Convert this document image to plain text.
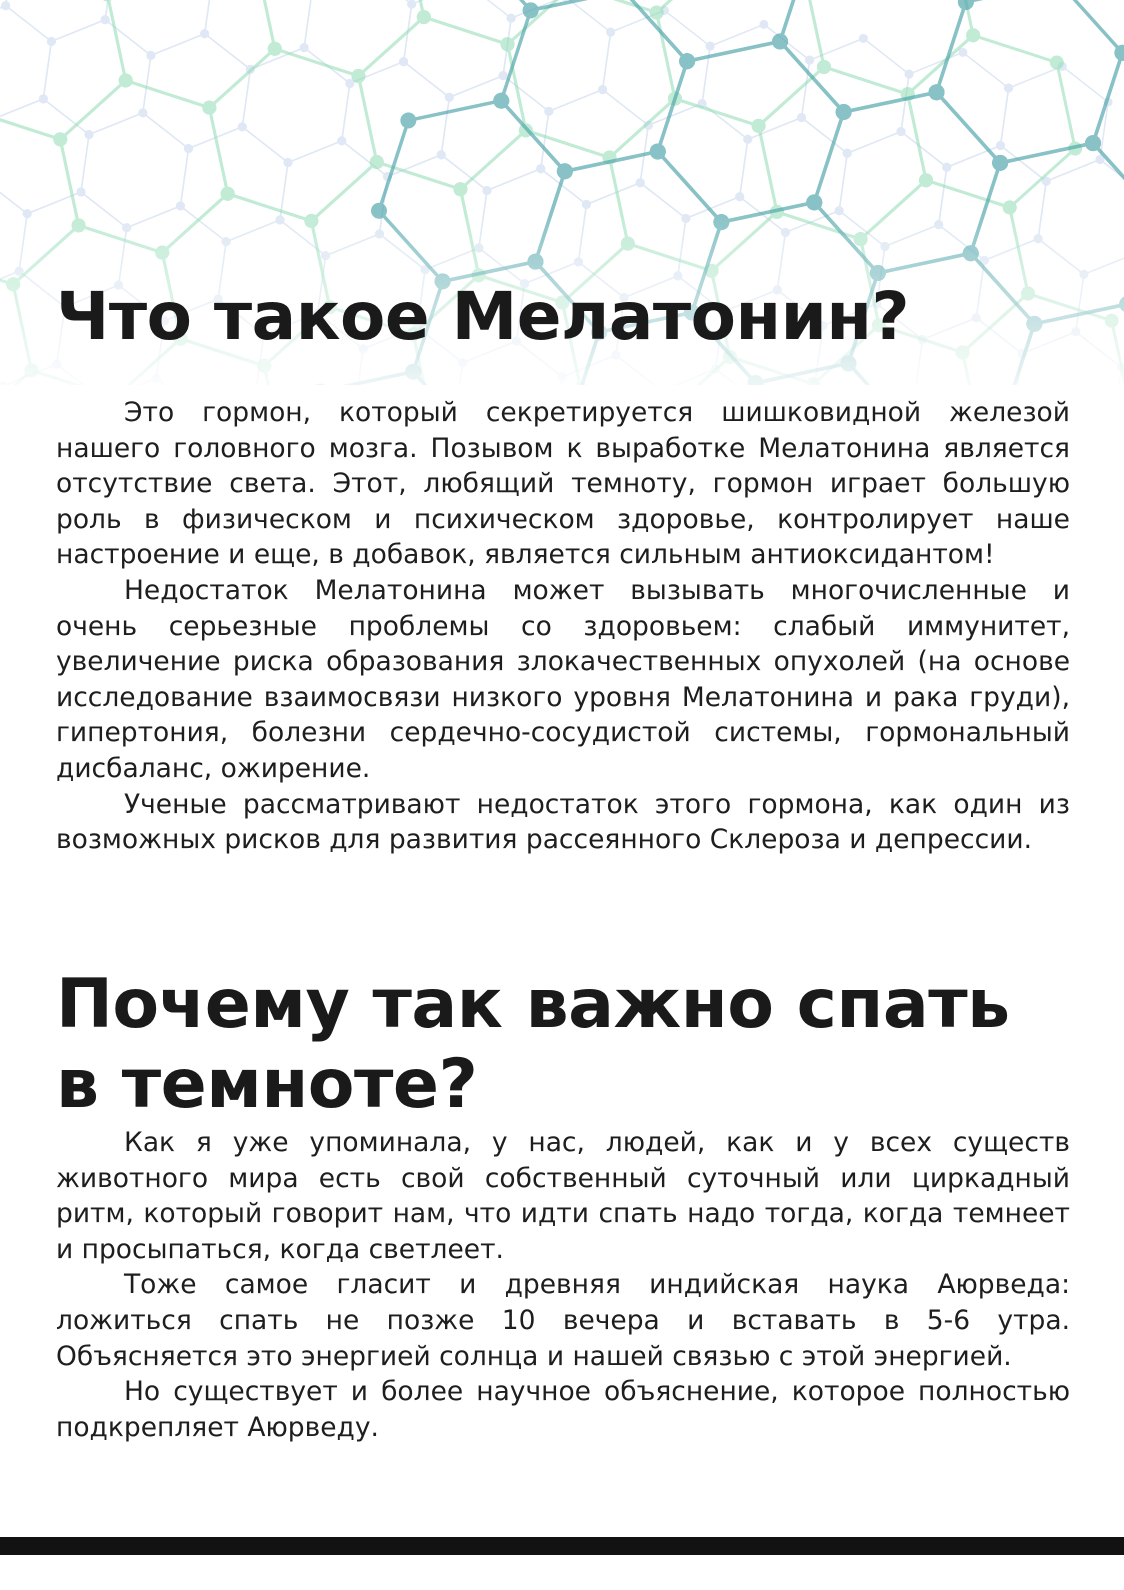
Что такое Мелатонин?

Это гормон, который секретируется шишковидной железой нашего головного мозга. Позывом к выработке Мелатонина является отсутствие света. Этот, любящий темноту, гормон играет большую роль в физическом и психическом здоровье, контролирует наше настроение и еще, в добавок, является сильным антиоксидантом!

Недостаток Мелатонина может вызывать многочисленные и очень серьезные проблемы со здоровьем: слабый иммунитет, увеличение риска образования злокачественных опухолей (на основе исследование взаимосвязи низкого уровня Мелатонина и рака груди), гипертония, болезни сердечно-сосудистой системы, гормональный дисбаланс, ожирение.

Ученые рассматривают недостаток этого гормона, как один из возможных рисков для развития рассеянного Склероза и депрессии.

Почему так важно спать в темноте?

Как я уже упоминала, у нас, людей, как и у всех существ животного мира есть свой собственный суточный или циркадный ритм, который говорит нам, что идти спать надо тогда, когда темнеет и просыпаться, когда светлеет.

Тоже самое гласит и древняя индийская наука Аюрведа: ложиться спать не позже 10 вечера и вставать в 5-6 утра. Объясняется это энергией солнца и нашей связью с этой энергией.

Но существует и более научное объяснение, которое полностью подкрепляет Аюрведу.
